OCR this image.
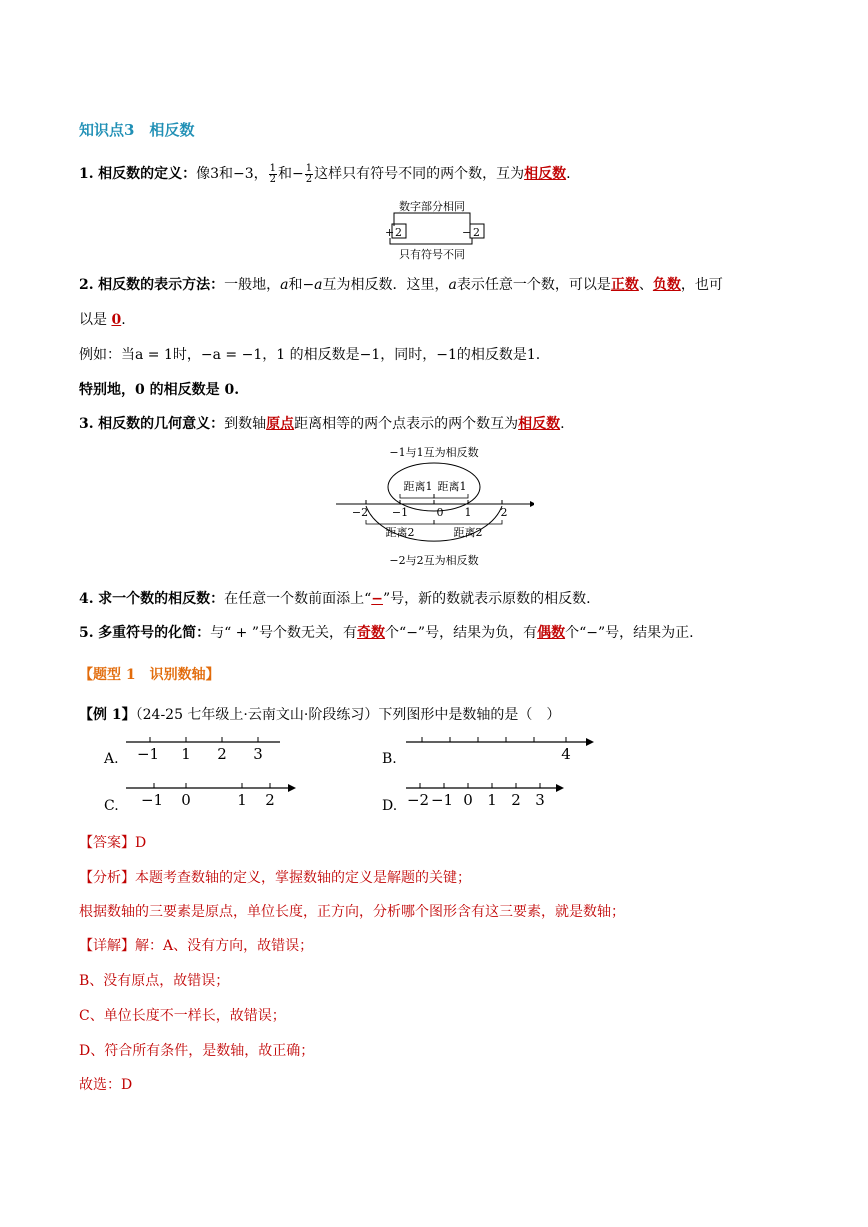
知识点3　相反数
1. 相反数的定义：像3和−3， $\frac{1}{2}$ 和− $\frac{1}{2}$ 这样只有符号不同的两个数，互为相反数.
数字部分相同
+ 2	− 2
只有符号不同
2. 相反数的表示方法：一般地，a和−a互为相反数．这里，a表示任意一个数，可以是正数、负数，也可
以是 0.
例如：当a = 1时，−a = −1，1 的相反数是−1，同时，−1的相反数是1.
特别地，0 的相反数是 0.
3. 相反数的几何意义：到数轴原点距离相等的两个点表示的两个数互为相反数.
−1与1互为相反数
距离1 距离1
−2 −1	0 1	2
距离2	距离2
−2与2互为相反数
4. 求一个数的相反数：在任意一个数前面添上“−”号，新的数就表示原数的相反数.
5. 多重符号的化简：与“ + ”号个数无关，有奇数个“−”号，结果为负，有偶数个“−”号，结果为正.
【题型 1　识别数轴】
【例 1】（24-25 七年级上·云南文山·阶段练习）下列图形中是数轴的是（　）
A. −1 1 2 3	B.	4
C. −1 0	1 2	D. −2 −1 0 1 2 3
【答案】D
【分析】本题考查数轴的定义，掌握数轴的定义是解题的关键；
根据数轴的三要素是原点，单位长度，正方向，分析哪个图形含有这三要素，就是数轴；
【详解】解：A、没有方向，故错误；
B、没有原点，故错误；
C、单位长度不一样长，故错误；
D、符合所有条件，是数轴，故正确；
故选：D
